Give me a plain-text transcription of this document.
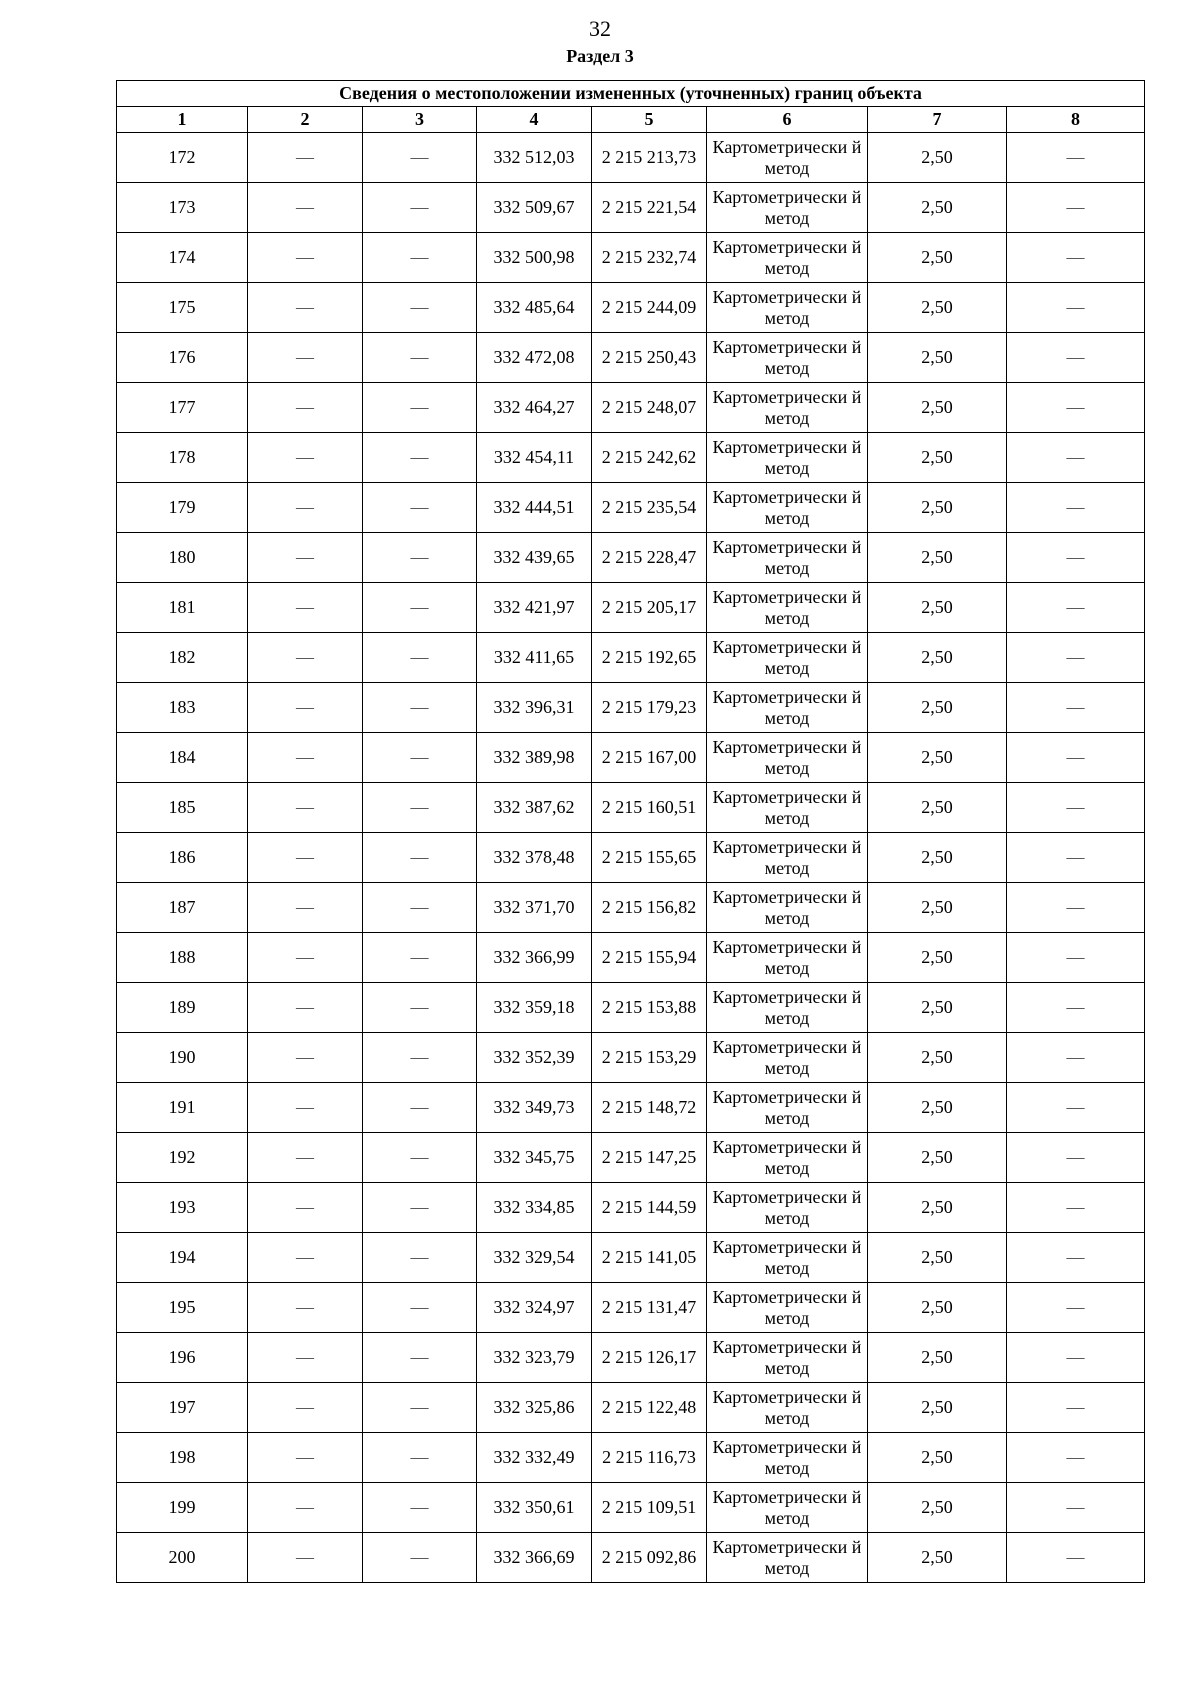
32
Раздел 3
Сведения о местоположении измененных (уточненных) границ объекта							
1	2	3	4	5	6	7	8
172	—	—	332 512,03	2 215 213,73	Картометрически й метод	2,50	—
173	—	—	332 509,67	2 215 221,54	Картометрически й метод	2,50	—
174	—	—	332 500,98	2 215 232,74	Картометрически й метод	2,50	—
175	—	—	332 485,64	2 215 244,09	Картометрически й метод	2,50	—
176	—	—	332 472,08	2 215 250,43	Картометрически й метод	2,50	—
177	—	—	332 464,27	2 215 248,07	Картометрически й метод	2,50	—
178	—	—	332 454,11	2 215 242,62	Картометрически й метод	2,50	—
179	—	—	332 444,51	2 215 235,54	Картометрически й метод	2,50	—
180	—	—	332 439,65	2 215 228,47	Картометрически й метод	2,50	—
181	—	—	332 421,97	2 215 205,17	Картометрически й метод	2,50	—
182	—	—	332 411,65	2 215 192,65	Картометрически й метод	2,50	—
183	—	—	332 396,31	2 215 179,23	Картометрически й метод	2,50	—
184	—	—	332 389,98	2 215 167,00	Картометрически й метод	2,50	—
185	—	—	332 387,62	2 215 160,51	Картометрически й метод	2,50	—
186	—	—	332 378,48	2 215 155,65	Картометрически й метод	2,50	—
187	—	—	332 371,70	2 215 156,82	Картометрически й метод	2,50	—
188	—	—	332 366,99	2 215 155,94	Картометрически й метод	2,50	—
189	—	—	332 359,18	2 215 153,88	Картометрически й метод	2,50	—
190	—	—	332 352,39	2 215 153,29	Картометрически й метод	2,50	—
191	—	—	332 349,73	2 215 148,72	Картометрически й метод	2,50	—
192	—	—	332 345,75	2 215 147,25	Картометрически й метод	2,50	—
193	—	—	332 334,85	2 215 144,59	Картометрически й метод	2,50	—
194	—	—	332 329,54	2 215 141,05	Картометрически й метод	2,50	—
195	—	—	332 324,97	2 215 131,47	Картометрически й метод	2,50	—
196	—	—	332 323,79	2 215 126,17	Картометрически й метод	2,50	—
197	—	—	332 325,86	2 215 122,48	Картометрически й метод	2,50	—
198	—	—	332 332,49	2 215 116,73	Картометрически й метод	2,50	—
199	—	—	332 350,61	2 215 109,51	Картометрически й метод	2,50	—
200	—	—	332 366,69	2 215 092,86	Картометрически й метод	2,50	—
